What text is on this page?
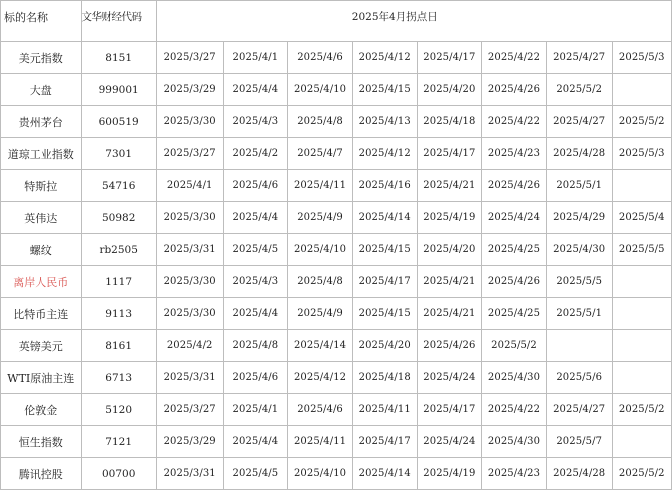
标的名称	文华财经代码	2025年4月拐点日							
美元指数	8151	2025/3/27	2025/4/1	2025/4/6	2025/4/12	2025/4/17	2025/4/22	2025/4/27	2025/5/3
大盘	999001	2025/3/29	2025/4/4	2025/4/10	2025/4/15	2025/4/20	2025/4/26	2025/5/2	
贵州茅台	600519	2025/3/30	2025/4/3	2025/4/8	2025/4/13	2025/4/18	2025/4/22	2025/4/27	2025/5/2
道琼工业指数	7301	2025/3/27	2025/4/2	2025/4/7	2025/4/12	2025/4/17	2025/4/23	2025/4/28	2025/5/3
特斯拉	54716	2025/4/1	2025/4/6	2025/4/11	2025/4/16	2025/4/21	2025/4/26	2025/5/1	
英伟达	50982	2025/3/30	2025/4/4	2025/4/9	2025/4/14	2025/4/19	2025/4/24	2025/4/29	2025/5/4
螺纹	rb2505	2025/3/31	2025/4/5	2025/4/10	2025/4/15	2025/4/20	2025/4/25	2025/4/30	2025/5/5
离岸人民币	1117	2025/3/30	2025/4/3	2025/4/8	2025/4/17	2025/4/21	2025/4/26	2025/5/5	
比特币主连	9113	2025/3/30	2025/4/4	2025/4/9	2025/4/15	2025/4/21	2025/4/25	2025/5/1	
英镑美元	8161	2025/4/2	2025/4/8	2025/4/14	2025/4/20	2025/4/26	2025/5/2		
WTI原油主连	6713	2025/3/31	2025/4/6	2025/4/12	2025/4/18	2025/4/24	2025/4/30	2025/5/6	
伦敦金	5120	2025/3/27	2025/4/1	2025/4/6	2025/4/11	2025/4/17	2025/4/22	2025/4/27	2025/5/2
恒生指数	7121	2025/3/29	2025/4/4	2025/4/11	2025/4/17	2025/4/24	2025/4/30	2025/5/7	
腾讯控股	00700	2025/3/31	2025/4/5	2025/4/10	2025/4/14	2025/4/19	2025/4/23	2025/4/28	2025/5/2
